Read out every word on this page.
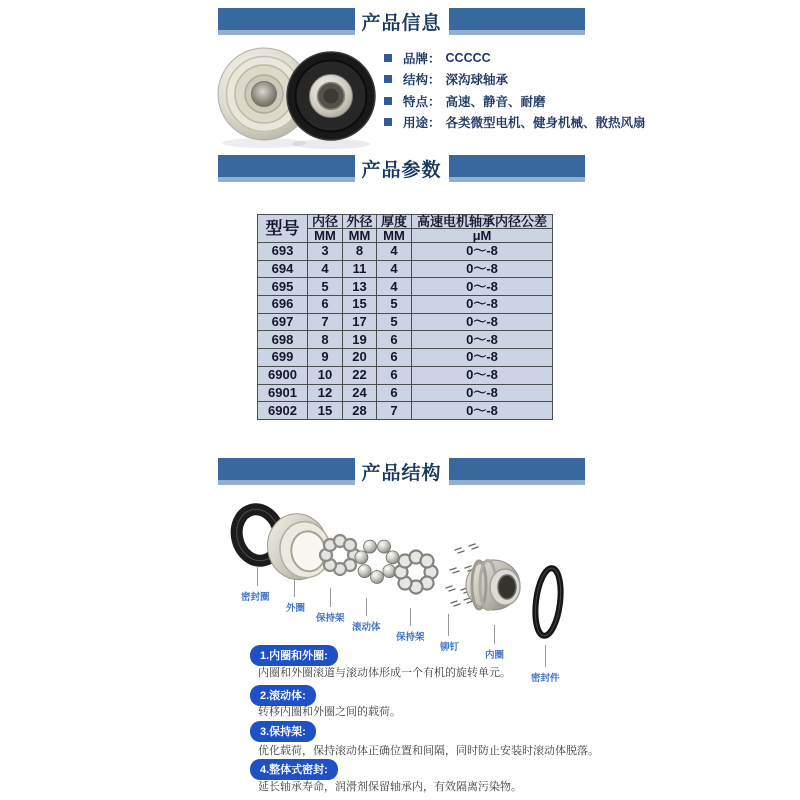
产品信息
品牌： CCCCC
结构： 深沟球轴承
特点： 高速、静音、耐磨
用途： 各类微型电机、健身机械、散热风扇
产品参数
型号	内径	外径	厚度	高速电机轴承内径公差
	MM	MM	MM	μM
693	3	8	4	0～-8
694	4	11	4	0～-8
695	5	13	4	0～-8
696	6	15	5	0～-8
697	7	17	5	0～-8
698	8	19	6	0～-8
699	9	20	6	0～-8
6900	10	22	6	0～-8
6901	12	24	6	0～-8
6902	15	28	7	0～-8
产品结构
密封圈
外圈
保持架
滚动体
保持架
铆钉
内圈
密封件
1.内圈和外圈:
内圈和外圈滚道与滚动体形成一个有机的旋转单元。
2.滚动体:
转移内圈和外圈之间的载荷。
3.保持架:
优化载荷，保持滚动体正确位置和间隔，同时防止安装时滚动体脱落。
4.整体式密封:
延长轴承寿命，润滑剂保留轴承内，有效隔离污染物。
